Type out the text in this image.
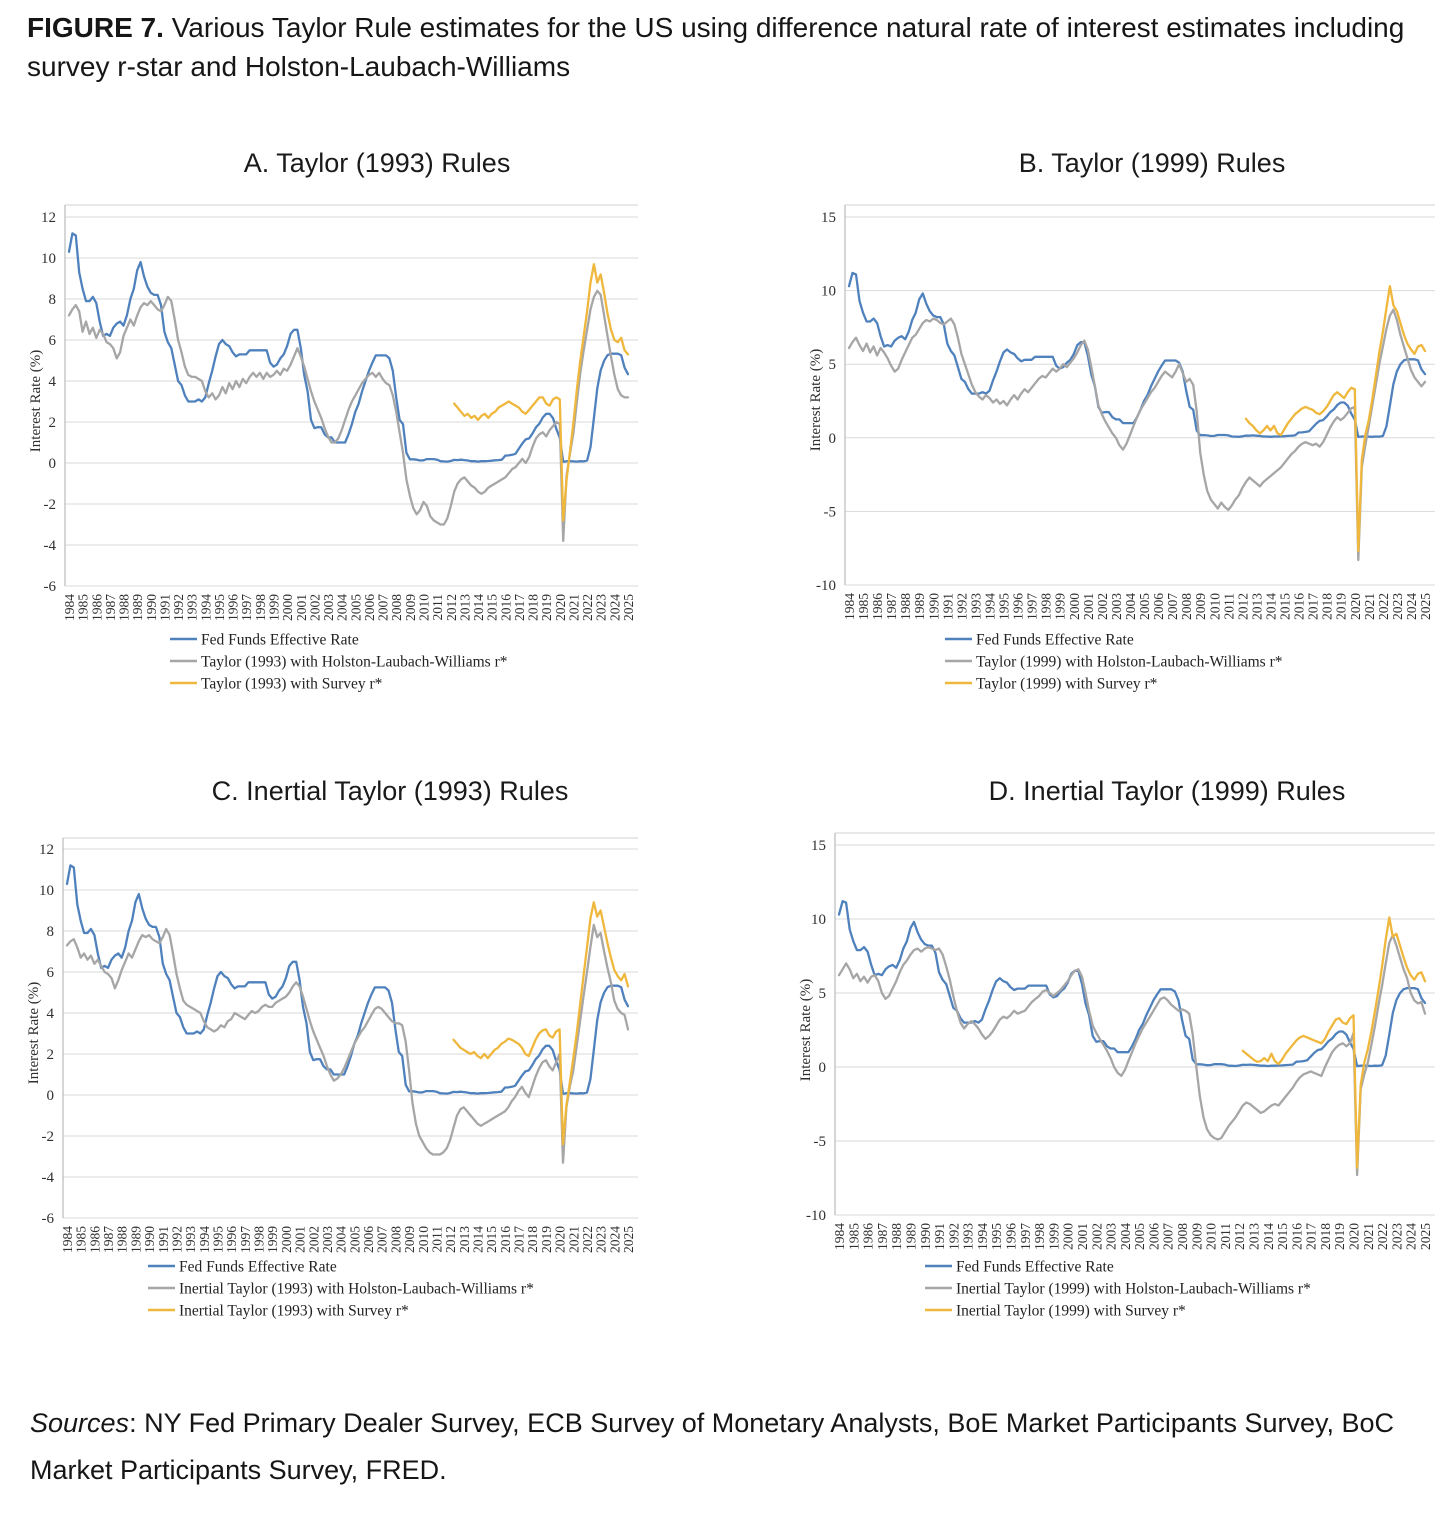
FIGURE 7. Various Taylor Rule estimates for the US using difference natural rate of interest estimates including survey r-star and Holston-Laubach-Williams
12
10
8
6
4
2
0
-2
-4
-6
Interest Rate (%)
1984
1985
1986
1987
1988
1989
1990
1991
1992
1993
1994
1995
1996
1997
1998
1999
2000
2001
2002
2003
2004
2005
2006
2007
2008
2009
2010
2011
2012
2013
2014
2015
2016
2017
2018
2019
2020
2021
2022
2023
2024
2025
Fed Funds Effective Rate
Taylor (1993) with Holston-Laubach-Williams r*
Taylor (1993) with Survey r*
15
10
5
0
-5
-10
Interest Rate (%)
1984 1985 1986 1987 1988 1989 1990 1991 1992 1993 1994 1995 1996 1997 1998 1999 2000 2001 2002 2003 2004 2005 2006 2007 2008 2009 2010 2011 2012 2013 2014 2015 2016 2017 2018 2019 2020 2021 2022 2023 2024 2025
Fed Funds Effective Rate
Taylor (1999) with Holston-Laubach-Williams r*
Taylor (1999) with Survey r*
12
10
8
6
4
2
0
-2
-4
-6
Interest Rate (%)
1984
1985
1986
1987
1988
1989
1990
1991
1992
1993
1994
1995
1996
1997
1998
1999
2000
2001
2002
2003
2004
2005
2006
2007
2008
2009
2010
2011
2012
2013
2014
2015
2016
2017
2018
2019
2020
2021
2022
2023
2024
2025
Fed Funds Effective Rate
Inertial Taylor (1993) with Holston-Laubach-Williams r*
Inertial Taylor (1993) with Survey r*
15
10
5
0
-5
-10
Interest Rate (%)
1984 1985 1986 1987 1988 1989 1990 1991 1992 1993 1994 1995 1996 1997 1998 1999 2000 2001 2002 2003 2004 2005 2006 2007 2008 2009 2010 2011 2012 2013 2014 2015 2016 2017 2018 2019 2020 2021 2022 2023 2024 2025
Fed Funds Effective Rate
Inertial Taylor (1999) with Holston-Laubach-Williams r*
Inertial Taylor (1999) with Survey r*
A. Taylor (1993) Rules	B. Taylor (1999) Rules
C. Inertial Taylor (1993) Rules	D. Inertial Taylor (1999) Rules
Sources: NY Fed Primary Dealer Survey, ECB Survey of Monetary Analysts, BoE Market Participants Survey, BoC Market Participants Survey, FRED.
